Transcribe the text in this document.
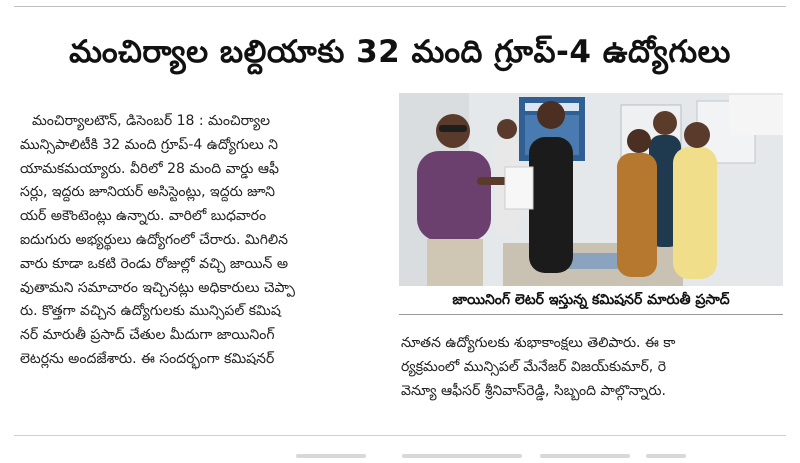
మంచిర్యాల బల్దియాకు 32 మంది గ్రూప్-4 ఉద్యోగులు
మంచిర్యాలటౌన్, డిసెంబర్ 18 : మంచిర్యాల
మున్సిపాలిటీకి 32 మంది గ్రూప్-4 ఉద్యోగులు ని
యామకమయ్యారు. వీరిలో 28 మంది వార్డు ఆఫీ
సర్లు, ఇద్దరు జూనియర్ అసిస్టెంట్లు, ఇద్దరు జూని
యర్ అకౌంటెంట్లు ఉన్నారు. వారిలో బుధవారం
ఐదుగురు అభ్యర్థులు ఉద్యోగంలో చేరారు. మిగిలిన
వారు కూడా ఒకటి రెండు రోజుల్లో వచ్చి జాయిన్ అ
వుతామని సమాచారం ఇచ్చినట్లు అధికారులు చెప్పా
రు. కొత్తగా వచ్చిన ఉద్యోగులకు మున్సిపల్ కమిష
నర్ మారుతీ ప్రసాద్ చేతుల మీదుగా జాయినింగ్
లెటర్లను అందజేశారు. ఈ సందర్భంగా కమిషనర్
జాయినింగ్ లెటర్ ఇస్తున్న కమిషనర్ మారుతీ ప్రసాద్
నూతన ఉద్యోగులకు శుభాకాంక్షలు తెలిపారు. ఈ కా
ర్యక్రమంలో మున్సిపల్ మేనేజర్ విజయ్‌కుమార్, రె
వెన్యూ ఆఫీసర్ శ్రీనివాస్‌రెడ్డి, సిబ్బంది పాల్గొన్నారు.
